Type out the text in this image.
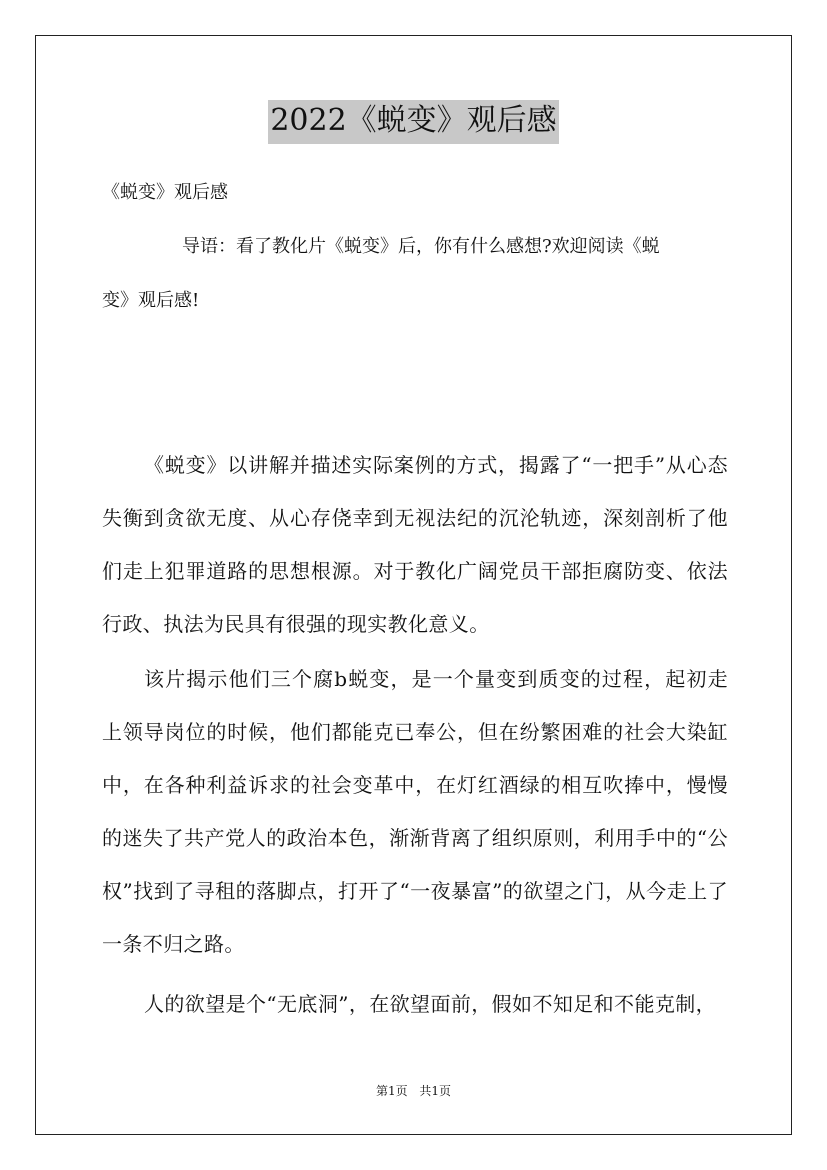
2022《蜕变》观后感
《蜕变》观后感
导语：看了教化片《蜕变》后，你有什么感想?欢迎阅读《蜕
变》观后感!

《蜕变》以讲解并描述实际案例的方式，揭露了“一把手”从心态失衡到贪欲无度、从心存侥幸到无视法纪的沉沦轨迹，深刻剖析了他们走上犯罪道路的思想根源。对于教化广阔党员干部拒腐防变、依法行政、执法为民具有很强的现实教化意义。

该片揭示他们三个腐b蜕变，是一个量变到质变的过程，起初走上领导岗位的时候，他们都能克已奉公，但在纷繁困难的社会大染缸中，在各种利益诉求的社会变革中，在灯红酒绿的相互吹捧中，慢慢的迷失了共产党人的政治本色，渐渐背离了组织原则，利用手中的“公权”找到了寻租的落脚点，打开了“一夜暴富”的欲望之门，从今走上了一条不归之路。

人的欲望是个“无底洞”，在欲望面前，假如不知足和不能克制，

第1页 共1页
